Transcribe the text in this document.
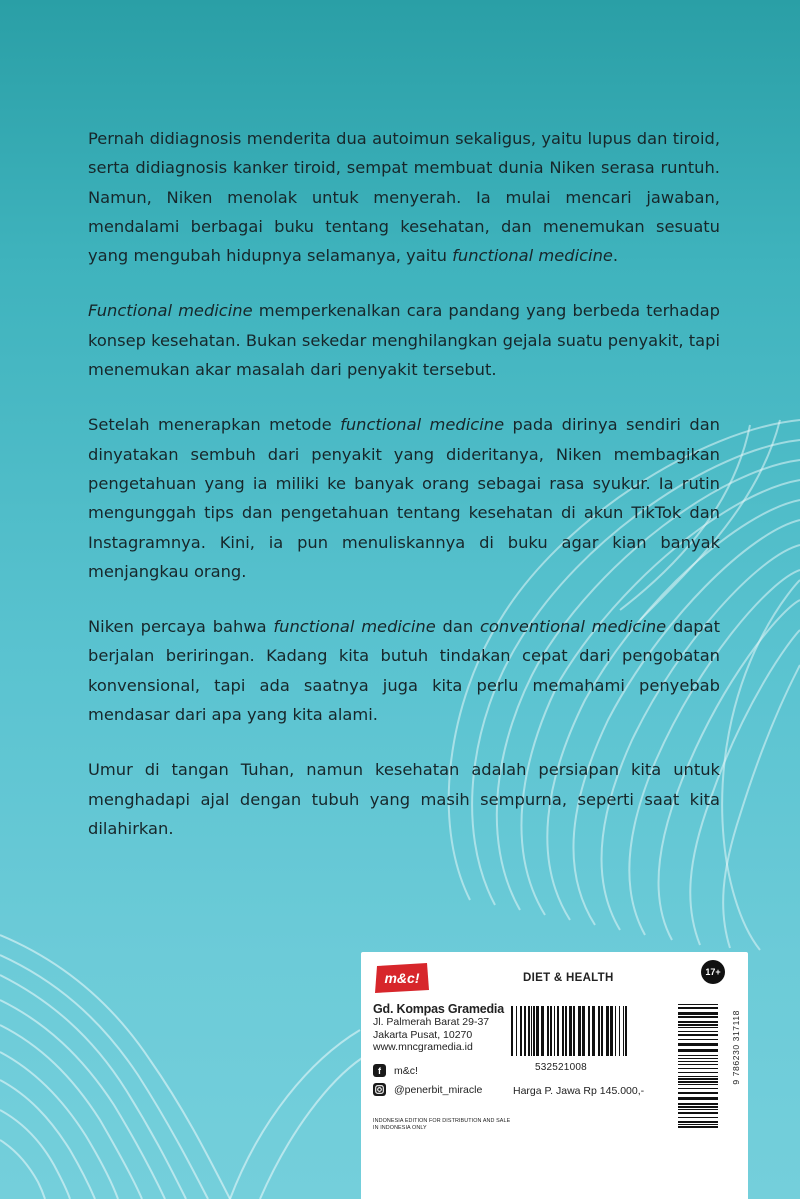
Pernah didiagnosis menderita dua autoimun sekaligus, yaitu lupus dan tiroid, serta didiagnosis kanker tiroid, sempat membuat dunia Niken serasa runtuh. Namun, Niken menolak untuk menyerah. Ia mulai mencari jawaban, mendalami berbagai buku tentang kesehatan, dan menemukan sesuatu yang mengubah hidupnya selamanya, yaitu functional medicine.

Functional medicine memperkenalkan cara pandang yang berbeda terhadap konsep kesehatan. Bukan sekedar menghilangkan gejala suatu penyakit, tapi menemukan akar masalah dari penyakit tersebut.

Setelah menerapkan metode functional medicine pada dirinya sendiri dan dinyatakan sembuh dari penyakit yang dideritanya, Niken membagikan pengetahuan yang ia miliki ke banyak orang sebagai rasa syukur. Ia rutin mengunggah tips dan pengetahuan tentang kesehatan di akun TikTok dan Instagramnya. Kini, ia pun menuliskannya di buku agar kian banyak menjangkau orang.

Niken percaya bahwa functional medicine dan conventional medicine dapat berjalan beriringan. Kadang kita butuh tindakan cepat dari pengobatan konvensional, tapi ada saatnya juga kita perlu memahami penyebab mendasar dari apa yang kita alami.

Umur di tangan Tuhan, namun kesehatan adalah persiapan kita untuk menghadapi ajal dengan tubuh yang masih sempurna, seperti saat kita dilahirkan.

m&c!
Gd. Kompas Gramedia
Jl. Palmerah Barat 29-37
Jakarta Pusat, 10270
www.mncgramedia.id
f	m&c!
@penerbit_miracle
INDONESIA EDITION FOR DISTRIBUTION AND SALE IN INDONESIA ONLY
DIET & HEALTH	17+
532521008
Harga P. Jawa Rp 145.000,-
9 786230 317118
